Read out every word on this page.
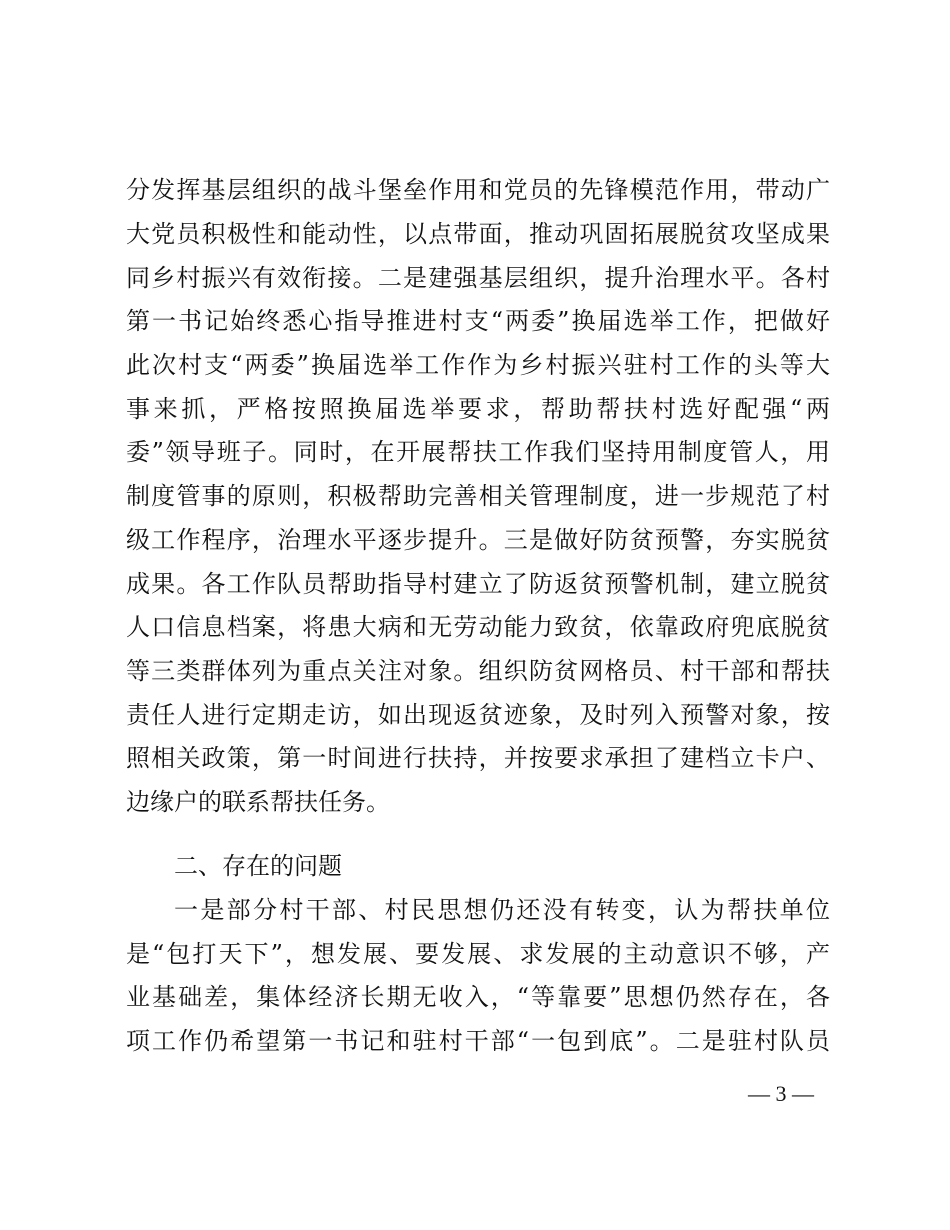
分发挥基层组织的战斗堡垒作用和党员的先锋模范作用，带动广
大党员积极性和能动性，以点带面，推动巩固拓展脱贫攻坚成果
同乡村振兴有效衔接。二是建强基层组织，提升治理水平。各村
第一书记始终悉心指导推进村支“两委”换届选举工作，把做好
此次村支“两委”换届选举工作作为乡村振兴驻村工作的头等大
事来抓，严格按照换届选举要求，帮助帮扶村选好配强“两
委”领导班子。同时，在开展帮扶工作我们坚持用制度管人，用
制度管事的原则，积极帮助完善相关管理制度，进一步规范了村
级工作程序，治理水平逐步提升。三是做好防贫预警，夯实脱贫
成果。各工作队员帮助指导村建立了防返贫预警机制，建立脱贫
人口信息档案，将患大病和无劳动能力致贫，依靠政府兜底脱贫
等三类群体列为重点关注对象。组织防贫网格员、村干部和帮扶
责任人进行定期走访，如出现返贫迹象，及时列入预警对象，按
照相关政策，第一时间进行扶持，并按要求承担了建档立卡户、
边缘户的联系帮扶任务。
二、存在的问题
一是部分村干部、村民思想仍还没有转变，认为帮扶单位
是“包打天下”，想发展、要发展、求发展的主动意识不够，产
业基础差，集体经济长期无收入，“等靠要”思想仍然存在，各
项工作仍希望第一书记和驻村干部“一包到底”。二是驻村队员
— 3 —
